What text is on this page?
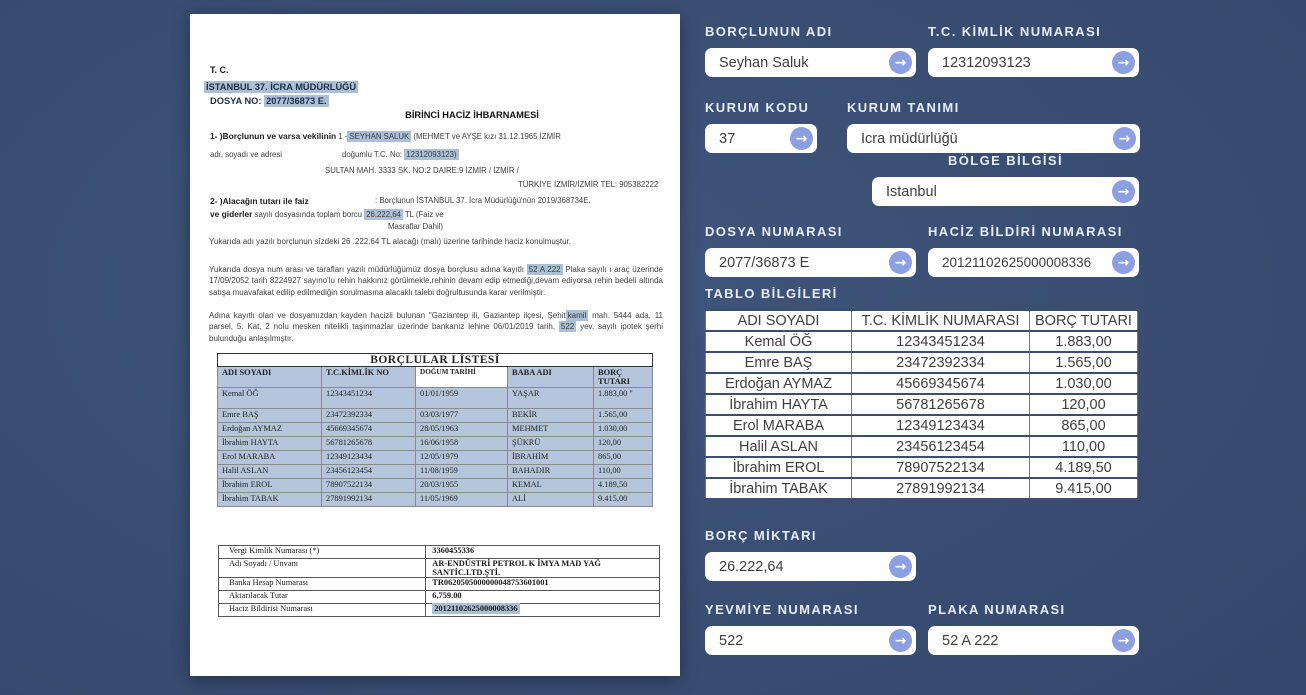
T. C.
İSTANBUL 37. İCRA MÜDÜRLÜĞÜ
DOSYA NO: 2077/36873 E.
BİRİNCİ HACİZ İHBARNAMESİ
1- )Borçlunun ve varsa vekilinin 1 - SEYHAN SALUK (MEHMET ve AYŞE kızı 31.12.1965 İZMİR
adı, soyadı ve adresi	doğumlu T.C. No: 12312093123)
SULTAN MAH. 3333 SK. NO:2 DAIRE:9 İZMİR / İZMİR /
TÜRKİYE İZMİR/İZMİR TEL: 905382222
2- )Alacağın tutarı ile faiz	: Borçlunun İSTANBUL 37. İcra Müdürlüğü'nün 2019/368734E.
ve giderler sayılı dosyasında toplam borcu 26.222,64 TL (Faiz ve
Masraflar Dahil)
Yukarıda adı yazılı borçlunun sîzdeki 26 .222,64 TL alacağı (malı) üzerine tarihinde haciz konulmuştur.
Yukarıda dosya num arası ve tarafları yazılı müdürlüğümüz dosya borçlusu adına kayıtlı 52 A 222 Plaka sayılı ı araç üzerinde 17/09/2052 tarih 8224927 sayıno'lu rehin hakkınız görülmekle,rehinin devam edip etmediği,devam ediyorsa rehin bedeli altında satışa muavafakat edilip edilmediğin sorulmasına alacaklı talebi doğrultusunda karar verilmiştir.
Adına kayıtlı olan ve dosyamızdan kayden hacizli bulunan "Gaziantep ili, Gaziantep ilçesi, Şehit kamil mah. 5444 ada, 11 parsel, 5. Kat, 2 nolu mesken nitelikli taşınmazlar üzerinde bankanız lehine 06/01/2019 tarih, 522 yev. sayılı ipotek şerhi bulunduğu anlaşılmıştır.
BORÇLULAR LİSTESİ				
ADI SOYADI	T.C.KİMLİK NO	DOĞUM TARİHİ	BABA ADI	BORÇ TUTARI
Kemal ÖĞ	12343451234	01/01/1959	YAŞAR	1.883,00 "
Emre BAŞ	23472392334	03/03/1977	BEKİR	1.565,00
Erdoğan AYMAZ	45669345674	28/05/1963	MEHMET	1.030,00
İbrahim HAYTA	56781265678	16/06/1958	ŞÜKRÜ	120,00
Erol MARABA	12349123434	12/05/1979	İBRAHİM	865,00
Halil ASLAN	23456123454	11/08/1959	BAHADIR	110,00
İbrahim EROL	78907522134	20/03/1955	KEMAL	4.189,50
İbrahim TABAK	27891992134	11/05/1969	ALİ	9.415,00
Vergi Kimlik Numarası (*)	3360455336
Adı Soyadı / Unvanı	AR-ENDÜSTRİ PETROL K İMYA MAD YAĞ SANTİC.LTD.ŞTİ.
Banka Hesap Numarası	TR0620505000000048753601001
Aktarılacak Tutar	6,759.00
Haciz Bildirisi Numarası	20121102625000008336
BORÇLUNUN ADI
Seyhan Saluk
→
T.C. KİMLİK NUMARASI
12312093123
→
KURUM KODU
37
→
KURUM TANIMI
İcra müdürlüğü
→
BÖLGE BİLGİSİ
İstanbul
→
DOSYA NUMARASI
2077/36873 E
→
HACİZ BİLDİRİ NUMARASI
20121102625000008336
→
TABLO BİLGİLERİ
ADI SOYADI	T.C. KİMLİK NUMARASI	BORÇ TUTARI
Kemal ÖĞ	12343451234	1.883,00
Emre BAŞ	23472392334	1.565,00
Erdoğan AYMAZ	45669345674	1.030,00
İbrahim HAYTA	56781265678	120,00
Erol MARABA	12349123434	865,00
Halil ASLAN	23456123454	110,00
İbrahim EROL	78907522134	4.189,50
İbrahim TABAK	27891992134	9.415,00
BORÇ MİKTARI
26.222,64
→
YEVMİYE NUMARASI
522
→
PLAKA NUMARASI
52 A 222
→
